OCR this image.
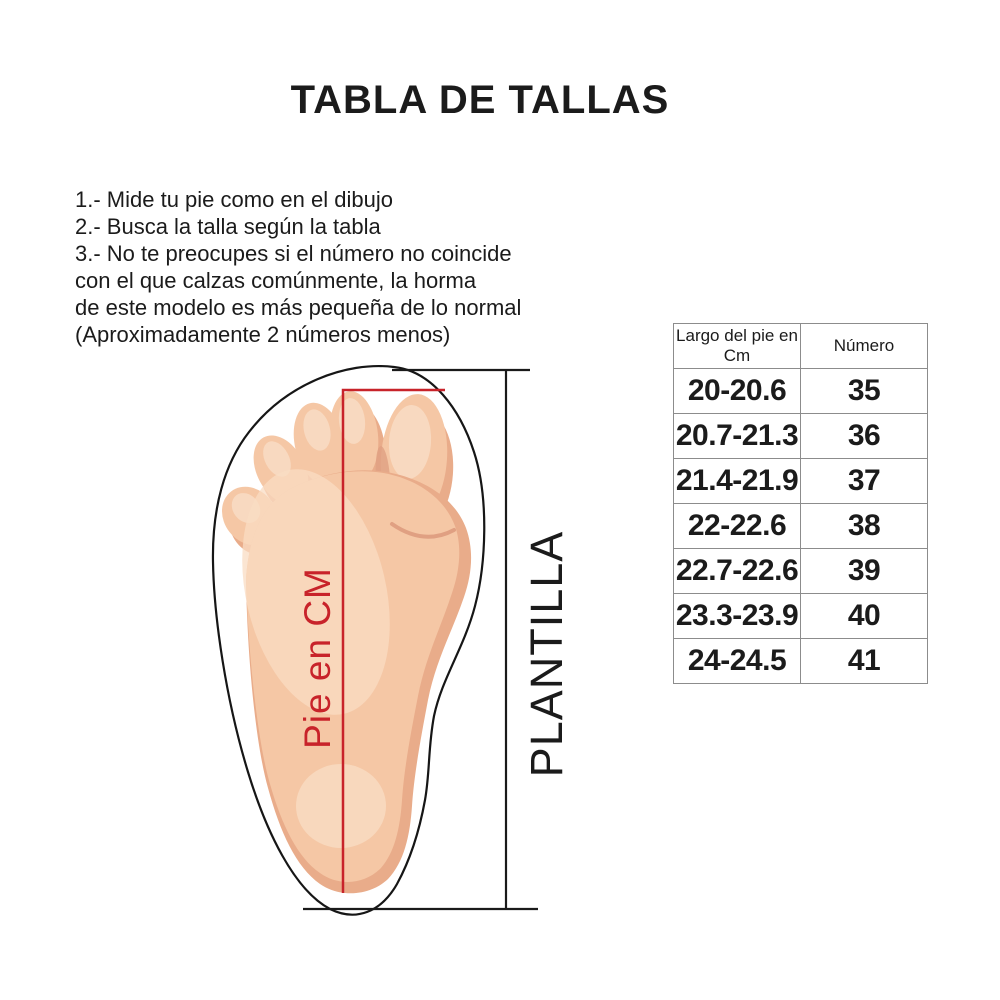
TABLA DE TALLAS
1.- Mide tu pie como en el dibujo
2.- Busca la talla según la tabla
3.- No te preocupes si el número no coincide
con el que calzas comúnmente, la horma
de este modelo es más pequeña de lo normal
(Aproximadamente 2 números menos)
Pie en CM	PLANTILLA
Largo del pie en
Cm	Número
20-20.6	35
20.7-21.3	36
21.4-21.9	37
22-22.6	38
22.7-22.6	39
23.3-23.9	40
24-24.5	41
